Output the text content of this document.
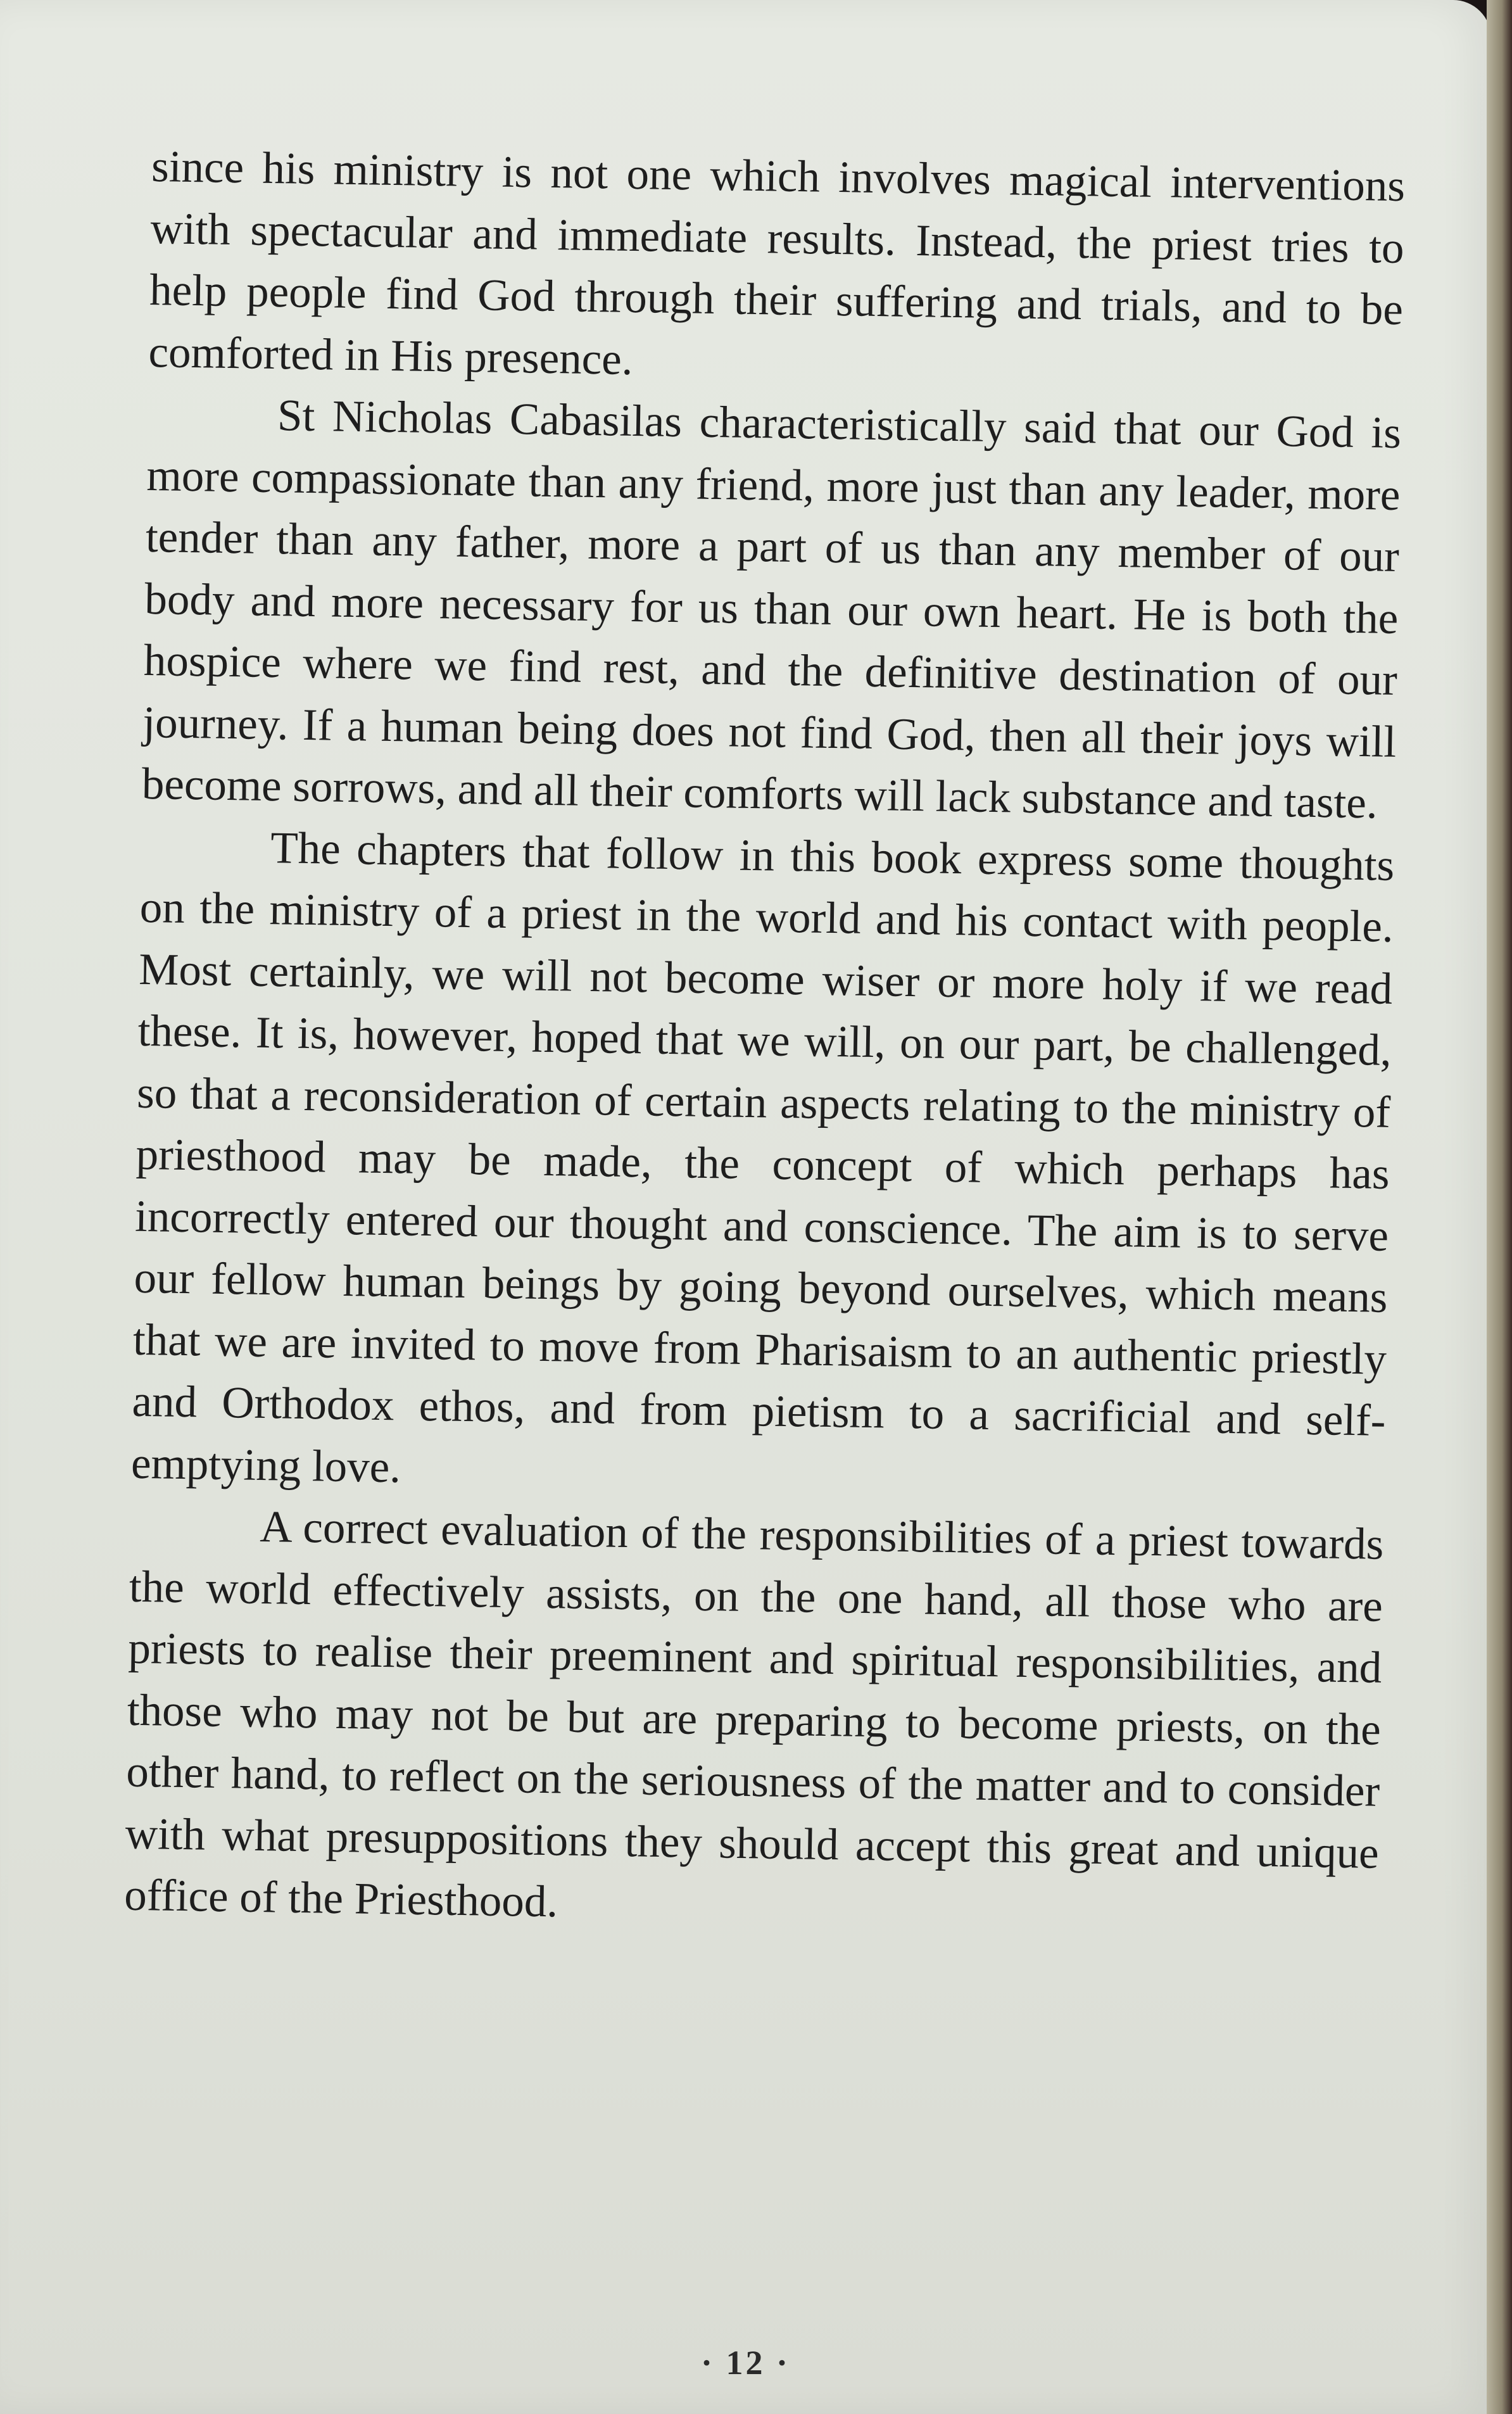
since his ministry is not one which involves magical interventions with spectacular and immediate results. Instead, the priest tries to help people find God through their suffering and trials, and to be comforted in His presence.

St Nicholas Cabasilas characteristically said that our God is more compassionate than any friend, more just than any leader, more tender than any father, more a part of us than any member of our body and more necessary for us than our own heart. He is both the hospice where we find rest, and the definitive destination of our journey. If a human being does not find God, then all their joys will become sorrows, and all their comforts will lack substance and taste.

The chapters that follow in this book express some thoughts on the ministry of a priest in the world and his contact with people. Most certainly, we will not become wiser or more holy if we read these. It is, however, hoped that we will, on our part, be challenged, so that a reconsideration of certain aspects relating to the ministry of priesthood may be made, the concept of which perhaps has incorrectly entered our thought and conscience. The aim is to serve our fellow human beings by going beyond ourselves, which means that we are invited to move from Pharisaism to an authentic priestly and Orthodox ethos, and from pietism to a sacrificial and self-emptying love.

A correct evaluation of the responsibilities of a priest towards the world effectively assists, on the one hand, all those who are priests to realise their preeminent and spiritual responsibilities, and those who may not be but are preparing to become priests, on the other hand, to reflect on the seriousness of the matter and to consider with what presuppositions they should accept this great and unique office of the Priesthood.

· 12 ·
